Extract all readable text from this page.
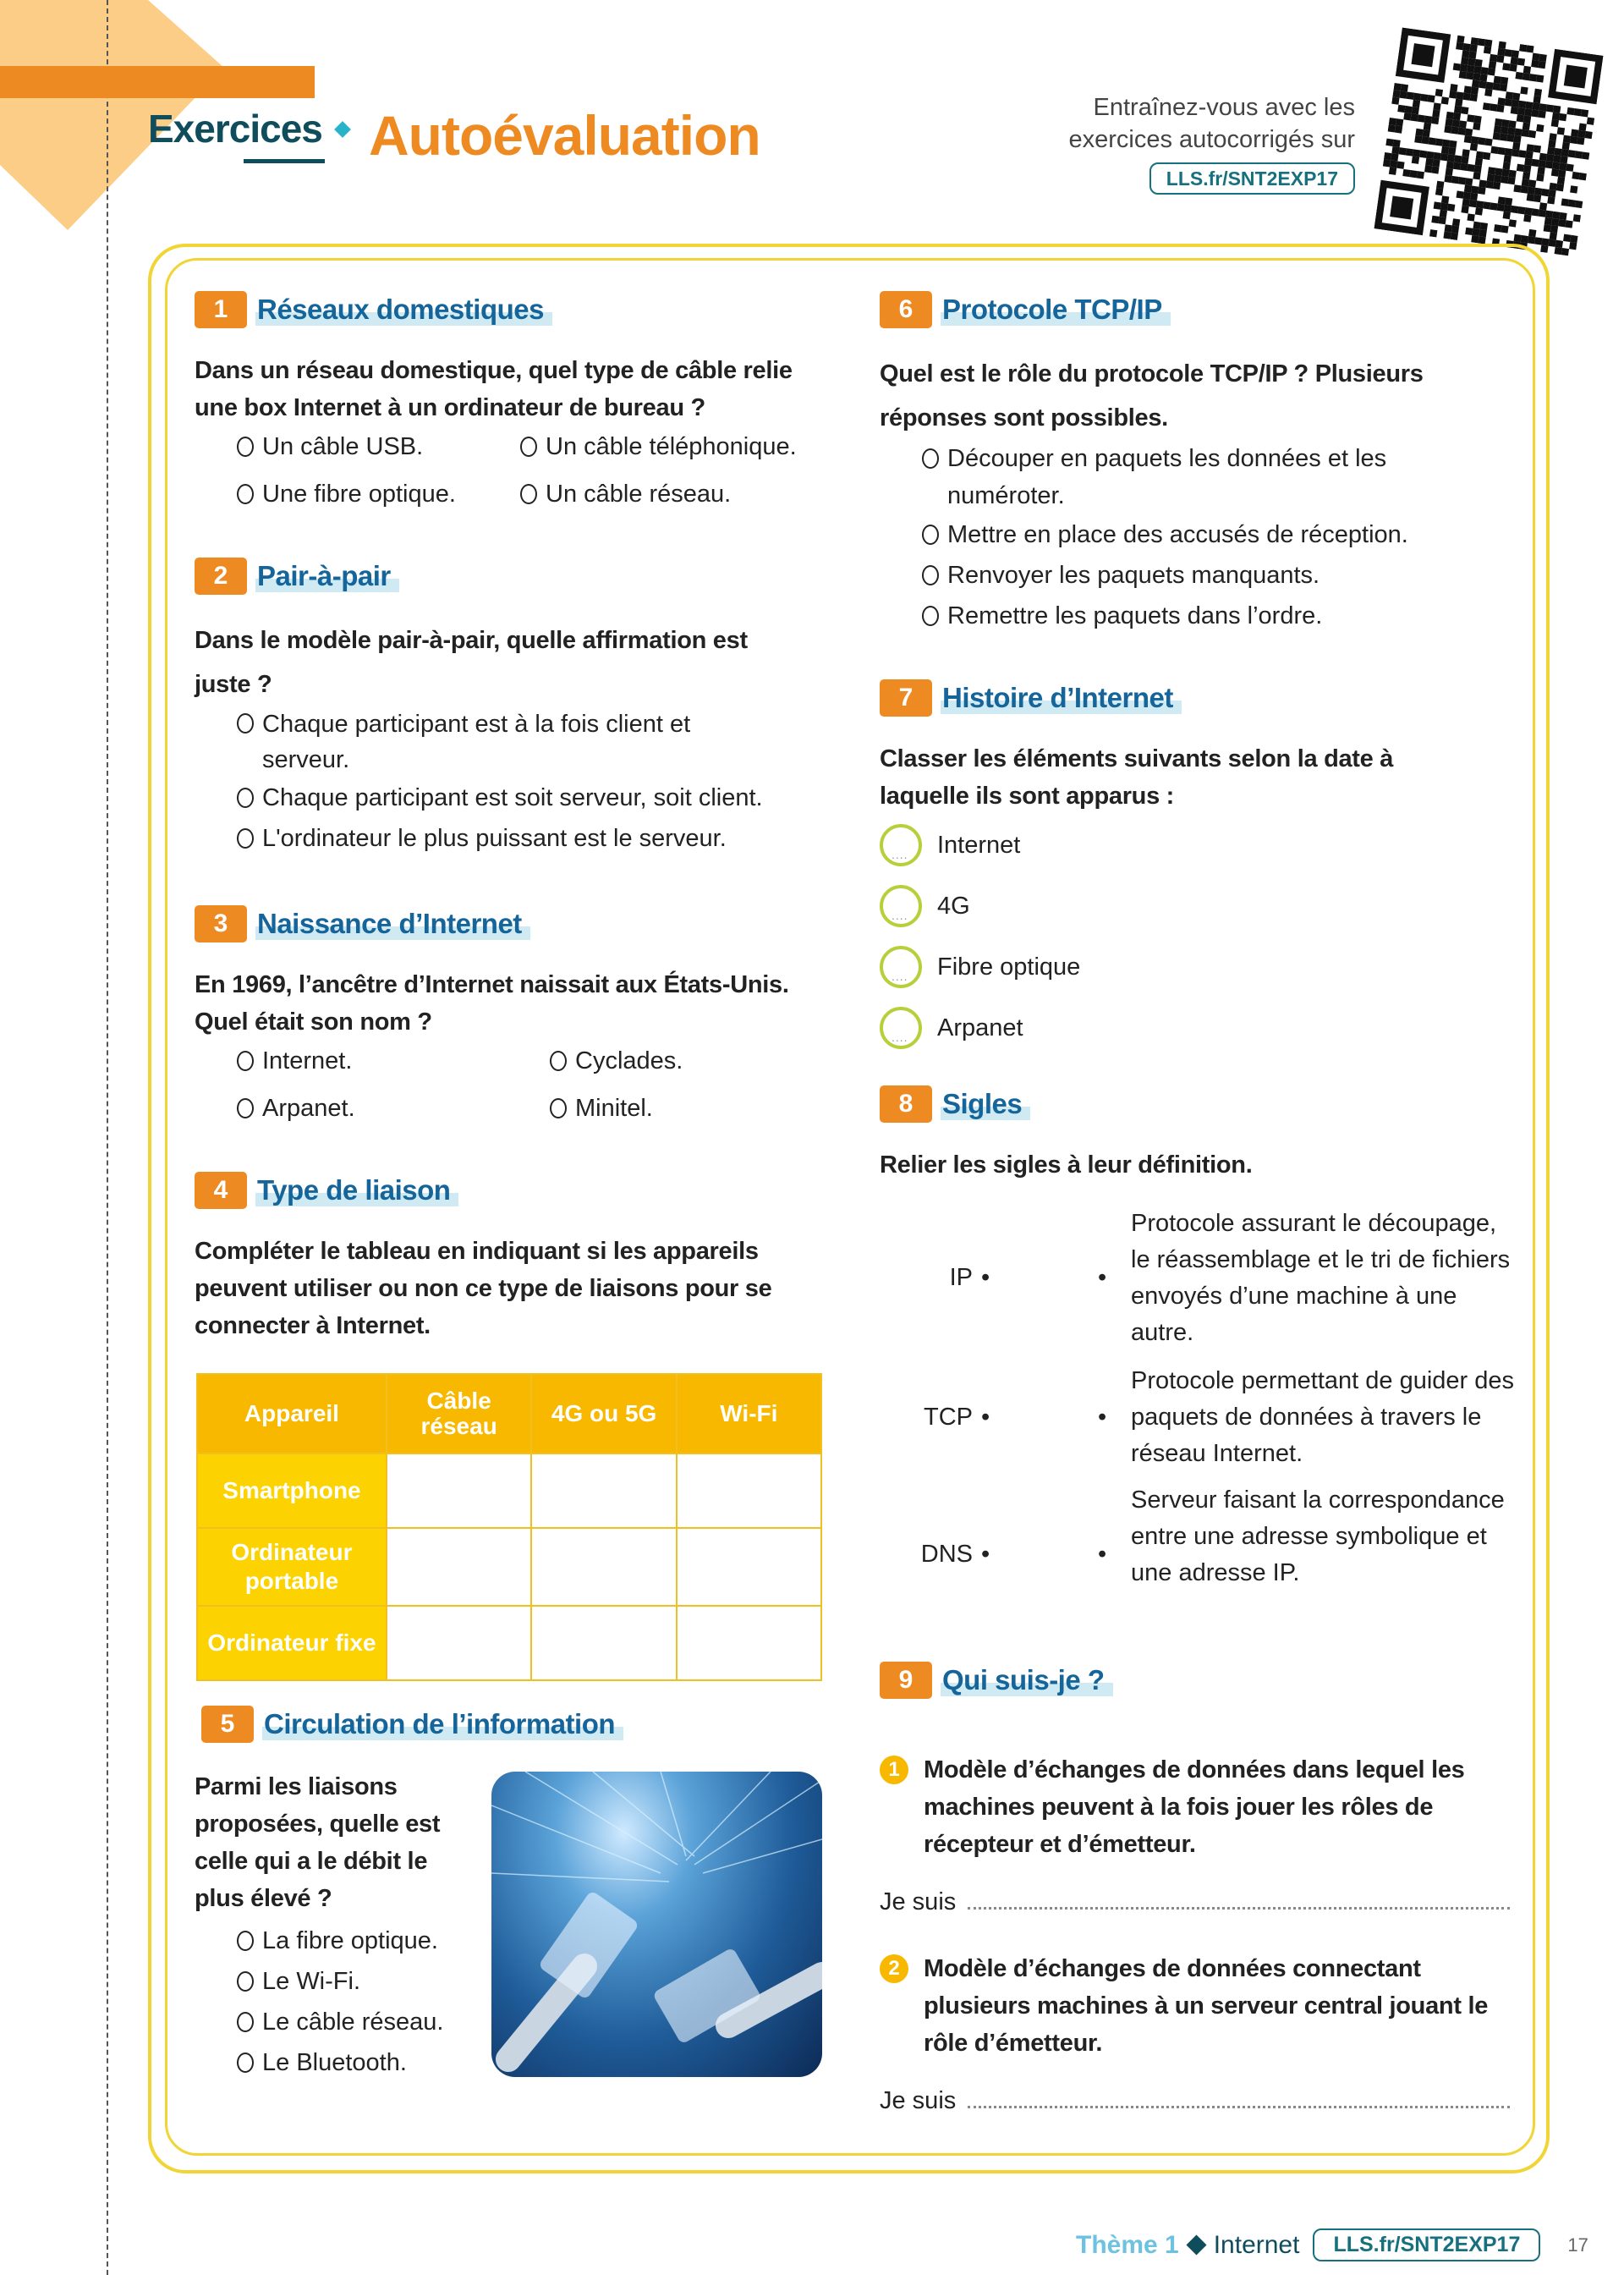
Exercices Autoévaluation	Entraînez-vous avec les
exercices autocorrigés sur
LLS.fr/SNT2EXP17
1	Réseaux domestiques
Dans un réseau domestique, quel type de câble relie
une box Internet à un ordinateur de bureau ?
Un câble USB.	Un câble téléphonique.
Une fibre optique.	Un câble réseau.
2	Pair-à-pair
Dans le modèle pair-à-pair, quelle affirmation est
juste ?
Chaque participant est à la fois client et serveur.
Chaque participant est soit serveur, soit client.
L'ordinateur le plus puissant est le serveur.
3	Naissance d’Internet
En 1969, l’ancêtre d’Internet naissait aux États-Unis.
Quel était son nom ?
Internet.	Cyclades.
Arpanet.	Minitel.
4	Type de liaison
Compléter le tableau en indiquant si les appareils
peuvent utiliser ou non ce type de liaisons pour se
connecter à Internet.
Appareil	Câble réseau	4G ou 5G	Wi-Fi
Smartphone			
Ordinateur portable			
Ordinateur fixe			
5	Circulation de l’information
Parmi les liaisons
proposées, quelle est
celle qui a le débit le
plus élevé ?
La fibre optique.
Le Wi-Fi.
Le câble réseau.
Le Bluetooth.
6	Protocole TCP/IP
Quel est le rôle du protocole TCP/IP ? Plusieurs
réponses sont possibles.
Découper en paquets les données et les numéroter.
Mettre en place des accusés de réception.
Renvoyer les paquets manquants.
Remettre les paquets dans l’ordre.
7	Histoire d’Internet
Classer les éléments suivants selon la date à
laquelle ils sont apparus :
....
Internet
....
4G
....
Fibre optique
....
Arpanet
8	Sigles
Relier les sigles à leur définition.
IP •	•
Protocole assurant le découpage, le réassemblage et le tri de fichiers envoyés d’une machine à une autre.
TCP •	•
Protocole permettant de guider des paquets de données à travers le réseau Internet.
DNS •	•
Serveur faisant la correspondance entre une adresse symbolique et une adresse IP.
9	Qui suis-je ?
1 Modèle d’échanges de données dans lequel les machines peuvent à la fois jouer les rôles de récepteur et d’émetteur.
Je suis
2 Modèle d’échanges de données connectant plusieurs machines à un serveur central jouant le rôle d’émetteur.
Je suis
Thème 1 Internet	LLS.fr/SNT2EXP17	17
